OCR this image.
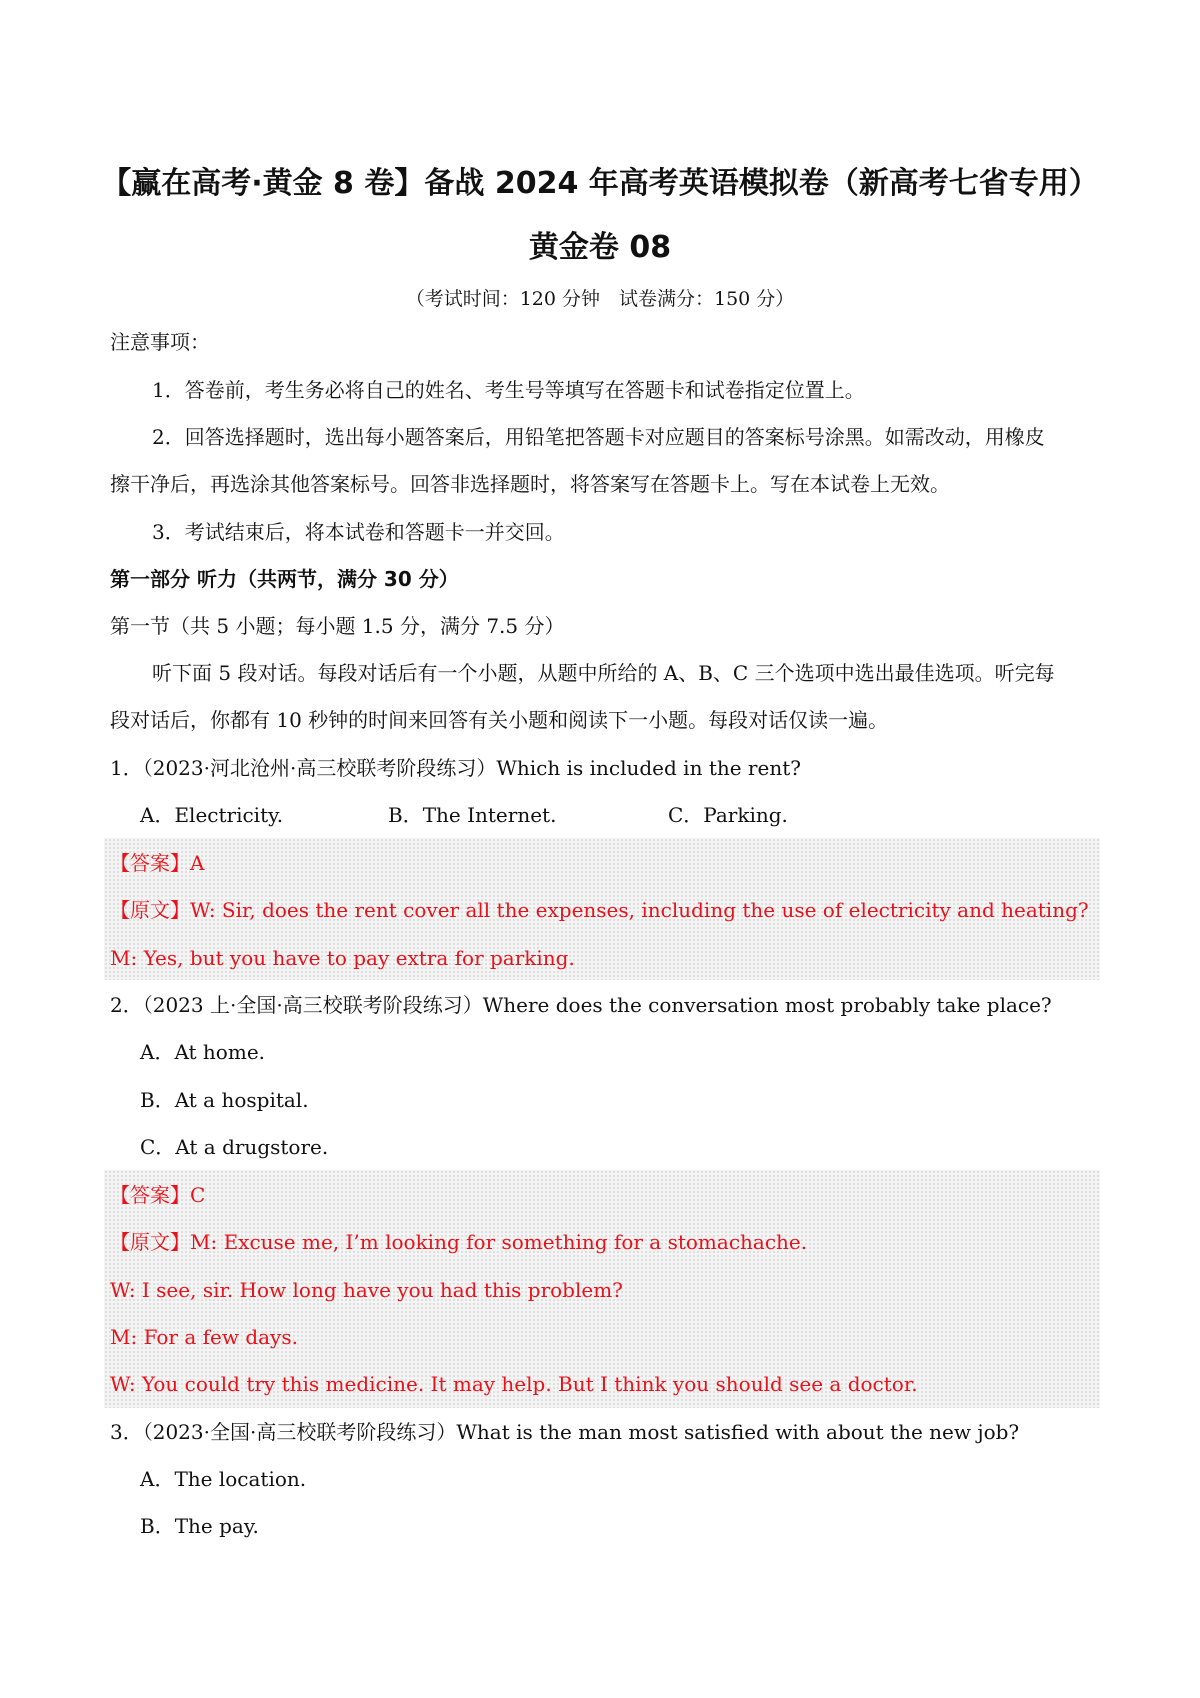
【赢在高考·黄金 8 卷】备战 2024 年高考英语模拟卷（新高考七省专用）
黄金卷 08
（考试时间：120 分钟　试卷满分：150 分）
注意事项：
1．答卷前，考生务必将自己的姓名、考生号等填写在答题卡和试卷指定位置上。
2．回答选择题时，选出每小题答案后，用铅笔把答题卡对应题目的答案标号涂黑。如需改动，用橡皮
擦干净后，再选涂其他答案标号。回答非选择题时，将答案写在答题卡上。写在本试卷上无效。
3．考试结束后，将本试卷和答题卡一并交回。
第一部分 听力（共两节，满分 30 分）
第一节（共 5 小题；每小题 1.5 分，满分 7.5 分）
听下面 5 段对话。每段对话后有一个小题，从题中所给的 A、B、C 三个选项中选出最佳选项。听完每
段对话后，你都有 10 秒钟的时间来回答有关小题和阅读下一小题。每段对话仅读一遍。
1．（2023·河北沧州·高三校联考阶段练习）Which is included in the rent?
A．Electricity.	B．The Internet.	C．Parking.
【答案】A
【原文】W: Sir, does the rent cover all the expenses, including the use of electricity and heating?
M: Yes, but you have to pay extra for parking.
2．（2023 上·全国·高三校联考阶段练习）Where does the conversation most probably take place?
A．At home.
B．At a hospital.
C．At a drugstore.
【答案】C
【原文】M: Excuse me, I’m looking for something for a stomachache.
W: I see, sir. How long have you had this problem?
M: For a few days.
W: You could try this medicine. It may help. But I think you should see a doctor.
3．（2023·全国·高三校联考阶段练习）What is the man most satisfied with about the new job?
A．The location.
B．The pay.
